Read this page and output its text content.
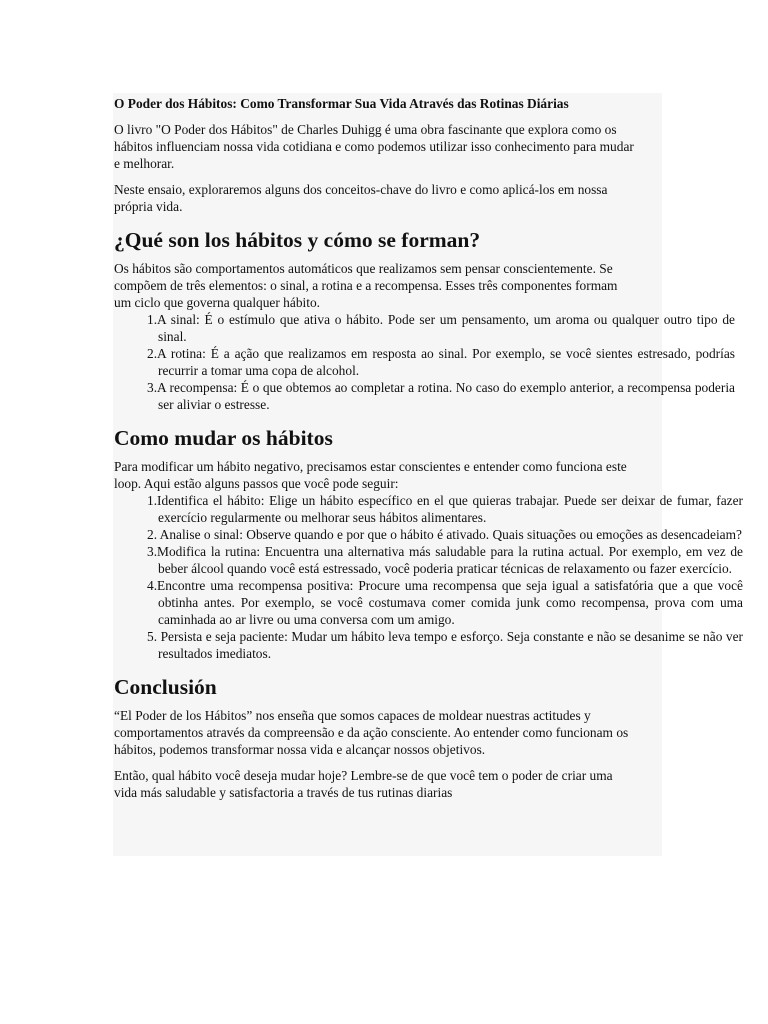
O Poder dos Hábitos: Como Transformar Sua Vida Através das Rotinas Diárias

O livro "O Poder dos Hábitos" de Charles Duhigg é uma obra fascinante que explora como os hábitos influenciam nossa vida cotidiana e como podemos utilizar isso conhecimento para mudar e melhorar.

Neste ensaio, exploraremos alguns dos conceitos-chave do livro e como aplicá-los em nossa própria vida.

¿Qué son los hábitos y cómo se forman?

Os hábitos são comportamentos automáticos que realizamos sem pensar conscientemente. Se compõem de três elementos: o sinal, a rotina e a recompensa. Esses três componentes formam um ciclo que governa qualquer hábito.

1.A sinal: É o estímulo que ativa o hábito. Pode ser um pensamento, um aroma ou qualquer outro tipo de sinal.
2.A rotina: É a ação que realizamos em resposta ao sinal. Por exemplo, se você sientes estresado, podrías recurrir a tomar uma copa de alcohol.
3.A recompensa: É o que obtemos ao completar a rotina. No caso do exemplo anterior, a recompensa poderia ser aliviar o estresse.
Como mudar os hábitos

Para modificar um hábito negativo, precisamos estar conscientes e entender como funciona este loop. Aqui estão alguns passos que você pode seguir:

1.Identifica el hábito: Elige un hábito específico en el que quieras trabajar. Puede ser deixar de fumar, fazer exercício regularmente ou melhorar seus hábitos alimentares.
2. Analise o sinal: Observe quando e por que o hábito é ativado. Quais situações ou emoções as desencadeiam?
3.Modifica la rutina: Encuentra una alternativa más saludable para la rutina actual. Por exemplo, em vez de beber álcool quando você está estressado, você poderia praticar técnicas de relaxamento ou fazer exercício.
4.Encontre uma recompensa positiva: Procure uma recompensa que seja igual a satisfatória que a que você obtinha antes. Por exemplo, se você costumava comer comida junk como recompensa, prova com uma caminhada ao ar livre ou uma conversa com um amigo.
5. Persista e seja paciente: Mudar um hábito leva tempo e esforço. Seja constante e não se desanime se não ver resultados imediatos.
Conclusión

“El Poder de los Hábitos” nos enseña que somos capaces de moldear nuestras actitudes y comportamentos através da compreensão e da ação consciente. Ao entender como funcionam os hábitos, podemos transformar nossa vida e alcançar nossos objetivos.

Então, qual hábito você deseja mudar hoje? Lembre-se de que você tem o poder de criar uma vida más saludable y satisfactoria a través de tus rutinas diarias
